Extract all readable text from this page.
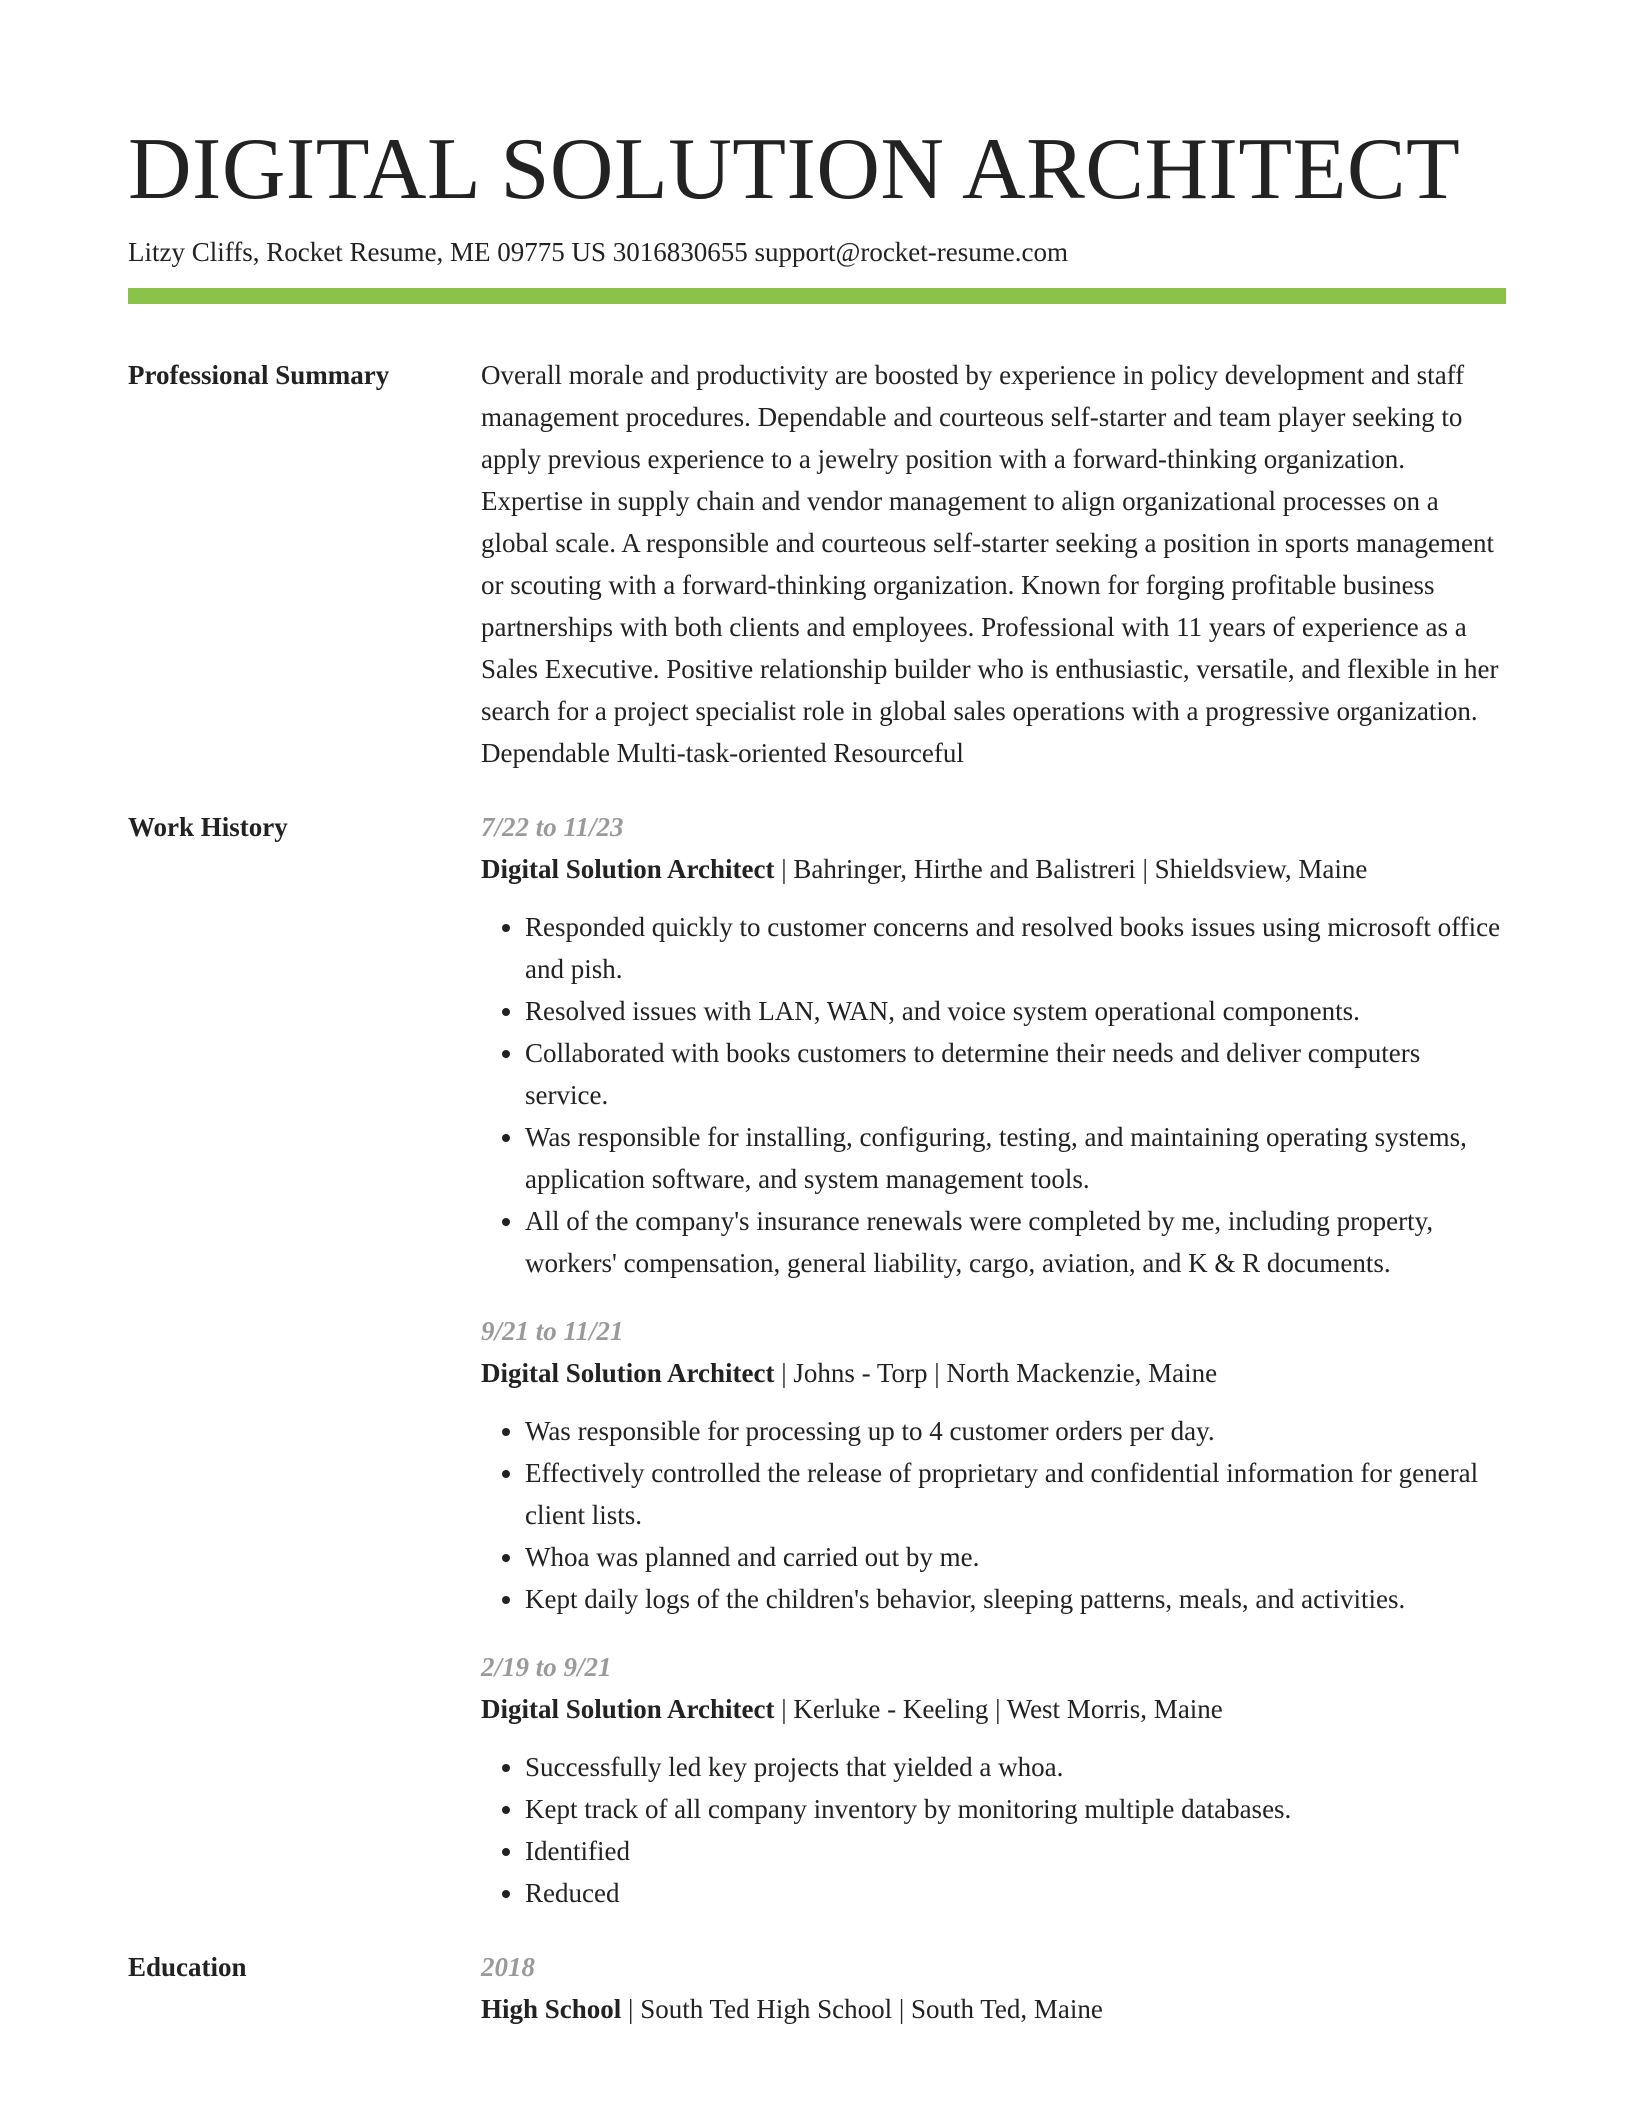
DIGITAL SOLUTION ARCHITECT
Litzy Cliffs, Rocket Resume, ME 09775 US 3016830655 support@rocket-resume.com
Professional Summary	Overall morale and productivity are boosted by experience in policy development and staff management procedures. Dependable and courteous self-starter and team player seeking to apply previous experience to a jewelry position with a forward-thinking organization. Expertise in supply chain and vendor management to align organizational processes on a global scale. A responsible and courteous self-starter seeking a position in sports management or scouting with a forward-thinking organization. Known for forging profitable business partnerships with both clients and employees. Professional with 11 years of experience as a Sales Executive. Positive relationship builder who is enthusiastic, versatile, and flexible in her search for a project specialist role in global sales operations with a progressive organization. Dependable Multi-task-oriented Resourceful
Work History	7/22 to 11/23
Digital Solution Architect | Bahringer, Hirthe and Balistreri | Shieldsview, Maine
• Responded quickly to customer concerns and resolved books issues using microsoft office and pish.
• Resolved issues with LAN, WAN, and voice system operational components.
• Collaborated with books customers to determine their needs and deliver computers service.
• Was responsible for installing, configuring, testing, and maintaining operating systems, application software, and system management tools.
• All of the company's insurance renewals were completed by me, including property, workers' compensation, general liability, cargo, aviation, and K & R documents.
9/21 to 11/21
Digital Solution Architect | Johns - Torp | North Mackenzie, Maine
• Was responsible for processing up to 4 customer orders per day.
• Effectively controlled the release of proprietary and confidential information for general client lists.
• Whoa was planned and carried out by me.
• Kept daily logs of the children's behavior, sleeping patterns, meals, and activities.
2/19 to 9/21
Digital Solution Architect | Kerluke - Keeling | West Morris, Maine
• Successfully led key projects that yielded a whoa.
• Kept track of all company inventory by monitoring multiple databases.
• Identified
• Reduced
Education	2018
High School | South Ted High School | South Ted, Maine
